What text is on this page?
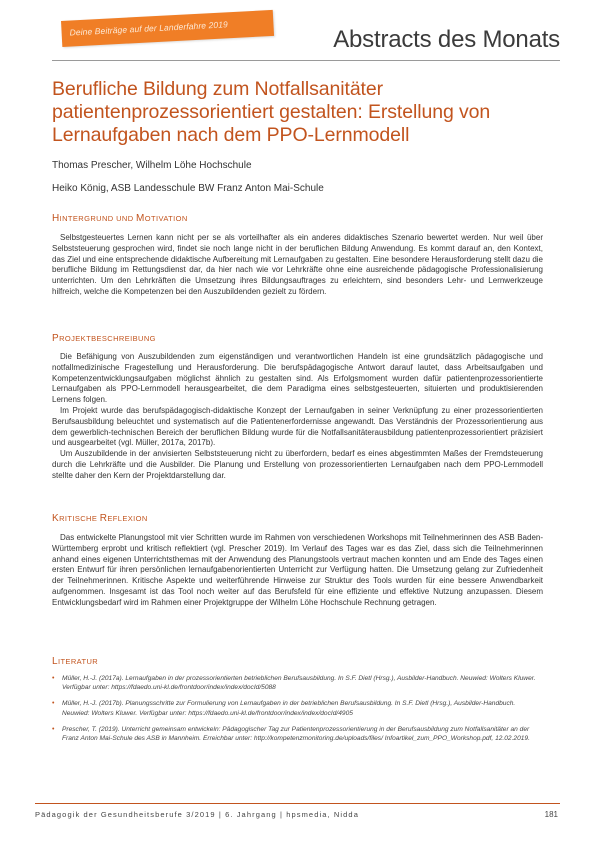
Deine Beiträge auf der Landerfahre 2019	Abstracts des Monats
Berufliche Bildung zum Notfallsanitäter patientenprozessorientiert gestalten: Erstellung von Lernaufgaben nach dem PPO-Lernmodell
Thomas Prescher, Wilhelm Löhe Hochschule
Heiko König, ASB Landesschule BW Franz Anton Mai-Schule
HINTERGRUND UND MOTIVATION

Selbstgesteuertes Lernen kann nicht per se als vorteilhafter als ein anderes didaktisches Szenario bewertet werden. Nur weil über Selbststeuerung gesprochen wird, findet sie noch lange nicht in der beruflichen Bildung Anwendung. Es kommt darauf an, den Kontext, das Ziel und eine entsprechende didaktische Aufbereitung mit Lernaufgaben zu gestalten. Eine besondere Herausforderung stellt dazu die berufliche Bildung im Rettungsdienst dar, da hier nach wie vor Lehrkräfte ohne eine ausreichende pädagogische Professionalisierung unterrichten. Um den Lehrkräften die Umsetzung ihres Bildungsauftrages zu erleichtern, sind besonders Lehr- und Lernwerkzeuge hilfreich, welche die Kompetenzen bei den Auszubildenden gezielt zu fördern.

PROJEKTBESCHREIBUNG

Die Befähigung von Auszubildenden zum eigenständigen und verantwortlichen Handeln ist eine grundsätzlich pädagogische und notfallmedizinische Fragestellung und Herausforderung. Die berufspädagogische Antwort darauf lautet, dass Arbeitsaufgaben und Kompetenzentwicklungsaufgaben möglichst ähnlich zu gestalten sind. Als Erfolgsmoment wurden dafür patientenprozessorientierte Lernaufgaben als PPO-Lernmodell herausgearbeitet, die dem Paradigma eines selbstgesteuerten, situierten und produktisierenden Lernens folgen.

Im Projekt wurde das berufspädagogisch-didaktische Konzept der Lernaufgaben in seiner Verknüpfung zu einer prozessorientierten Berufsausbildung beleuchtet und systematisch auf die Patientenerfordernisse angewandt. Das Verständnis der Prozessorientierung aus dem gewerblich-technischen Bereich der beruflichen Bildung wurde für die Notfallsanitäterausbildung patientenprozessorientiert präzisiert und ausgearbeitet (vgl. Müller, 2017a, 2017b).

Um Auszubildende in der anvisierten Selbststeuerung nicht zu überfordern, bedarf es eines abgestimmten Maßes der Fremdsteuerung durch die Lehrkräfte und die Ausbilder. Die Planung und Erstellung von prozessorientierten Lernaufgaben nach dem PPO-Lernmodell stellte daher den Kern der Projektdarstellung dar.

KRITISCHE REFLEXION

Das entwickelte Planungstool mit vier Schritten wurde im Rahmen von verschiedenen Workshops mit Teilnehmerinnen des ASB Baden-Württemberg erprobt und kritisch reflektiert (vgl. Prescher 2019). Im Verlauf des Tages war es das Ziel, dass sich die Teilnehmerinnen anhand eines eigenen Unterrichtsthemas mit der Anwendung des Planungstools vertraut machen konnten und am Ende des Tages einen ersten Entwurf für ihren persönlichen lernaufgabenorientierten Unterricht zur Verfügung hatten. Die Umsetzung gelang zur Zufriedenheit der Teilnehmerinnen. Kritische Aspekte und weiterführende Hinweise zur Struktur des Tools wurden für eine bessere Anwendbarkeit aufgenommen. Insgesamt ist das Tool noch weiter auf das Berufsfeld für eine effiziente und effektive Nutzung anzupassen. Diesem Entwicklungsbedarf wird im Rahmen einer Projektgruppe der Wilhelm Löhe Hochschule Rechnung getragen.

LITERATUR
• Müller, H.-J. (2017a). Lernaufgaben in der prozessorientierten betrieblichen Berufsausbildung. In S.F. Dietl (Hrsg.), Ausbilder-Handbuch. Neuwied: Wolters Kluwer. Verfügbar unter: https://fdaedo.uni-kl.de/frontdoor/index/index/docId/5088
• Müller, H.-J. (2017b). Planungsschritte zur Formulierung von Lernaufgaben in der betrieblichen Berufsausbildung. In S.F. Dietl (Hrsg.), Ausbilder-Handbuch. Neuwied: Wolters Kluwer. Verfügbar unter: https://fdaedo.uni-kl.de/frontdoor/index/index/docId/4905
• Prescher, T. (2019). Unterricht gemeinsam entwickeln: Pädagogischer Tag zur Patientenprozessorientierung in der Berufsausbildung zum Notfallsanitäter an der Franz Anton Mai-Schule des ASB in Mannheim. Erreichbar unter: http://kompetenzmonitoring.de/uploads/files/ Infoartikel_zum_PPO_Workshop.pdf, 12.02.2019.
Pädagogik der Gesundheitsberufe 3/2019 | 6. Jahrgang | hpsmedia, Nidda	181
